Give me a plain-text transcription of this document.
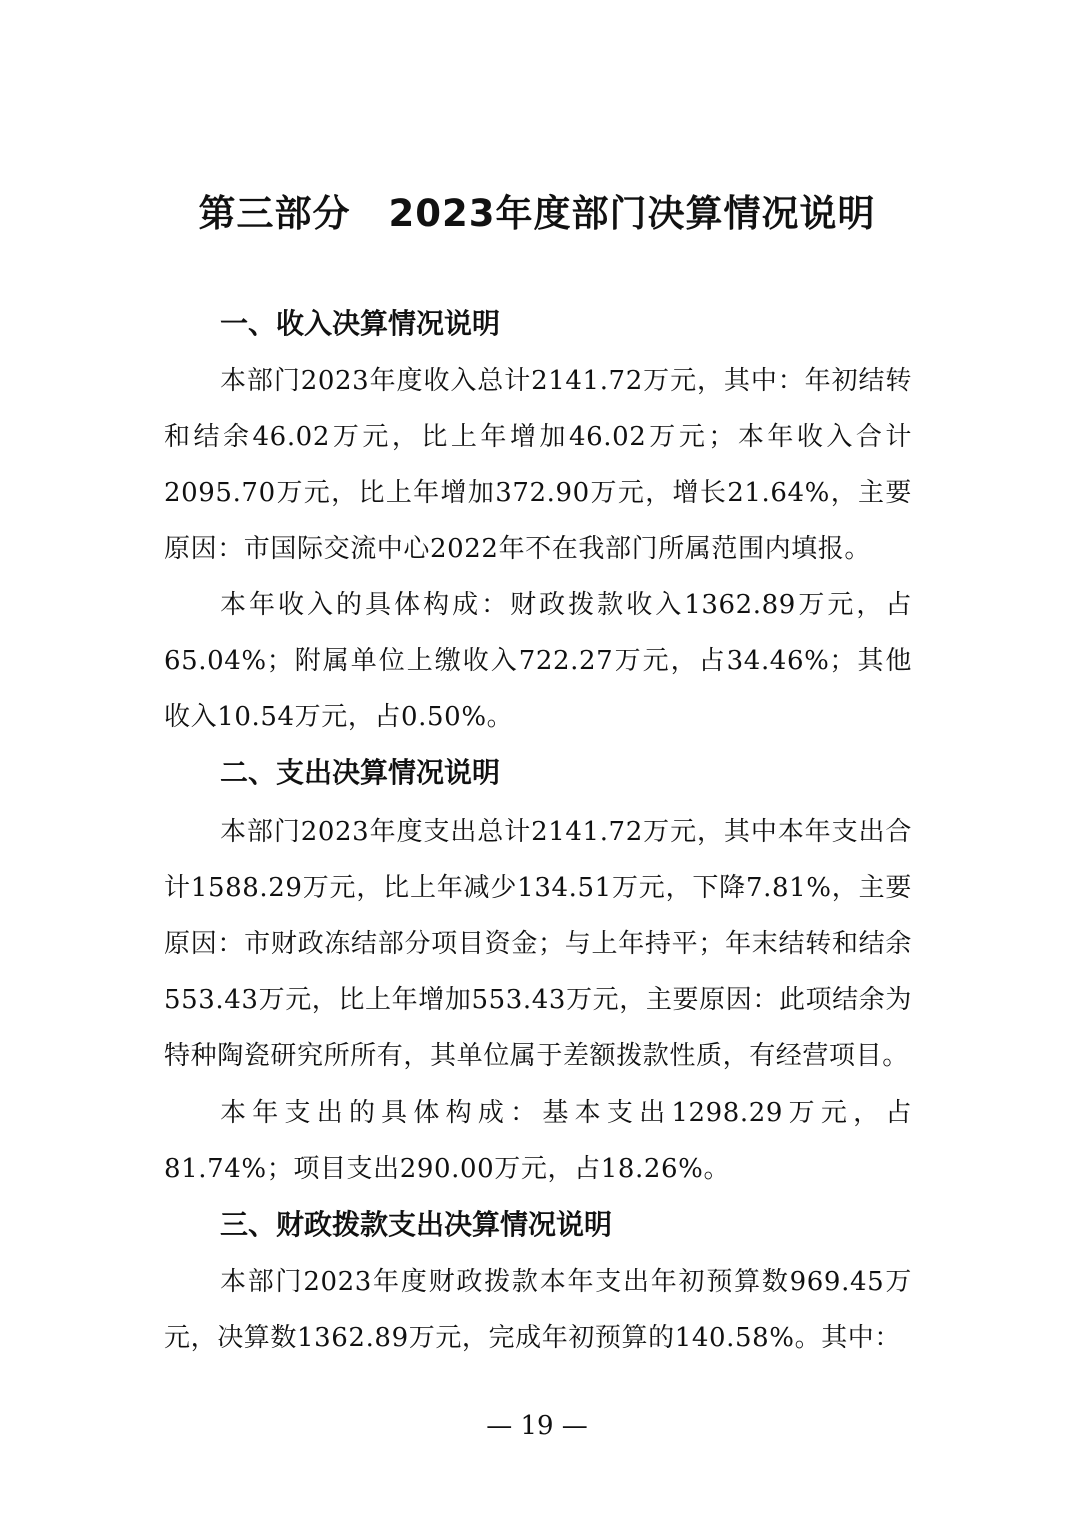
第三部分　2023年度部门决算情况说明
一、收入决算情况说明
本部门2023年度收入总计2141.72万元，其中：年初结转和结余46.02万元，比上年增加46.02万元；本年收入合计2095.70万元，比上年增加372.90万元，增长21.64%，主要原因：市国际交流中心2022年不在我部门所属范围内填报。
本年收入的具体构成：财政拨款收入1362.89万元，占65.04%；附属单位上缴收入722.27万元，占34.46%；其他收入10.54万元，占0.50%。
二、支出决算情况说明
本部门2023年度支出总计2141.72万元，其中本年支出合计1588.29万元，比上年减少134.51万元，下降7.81%，主要原因：市财政冻结部分项目资金；与上年持平；年末结转和结余553.43万元，比上年增加553.43万元，主要原因：此项结余为特种陶瓷研究所所有，其单位属于差额拨款性质，有经营项目。
本年支出的具体构成：基本支出1298.29万元，占81.74%；项目支出290.00万元，占18.26%。
三、财政拨款支出决算情况说明
本部门2023年度财政拨款本年支出年初预算数969.45万元，决算数1362.89万元，完成年初预算的140.58%。其中：
— 19 —
